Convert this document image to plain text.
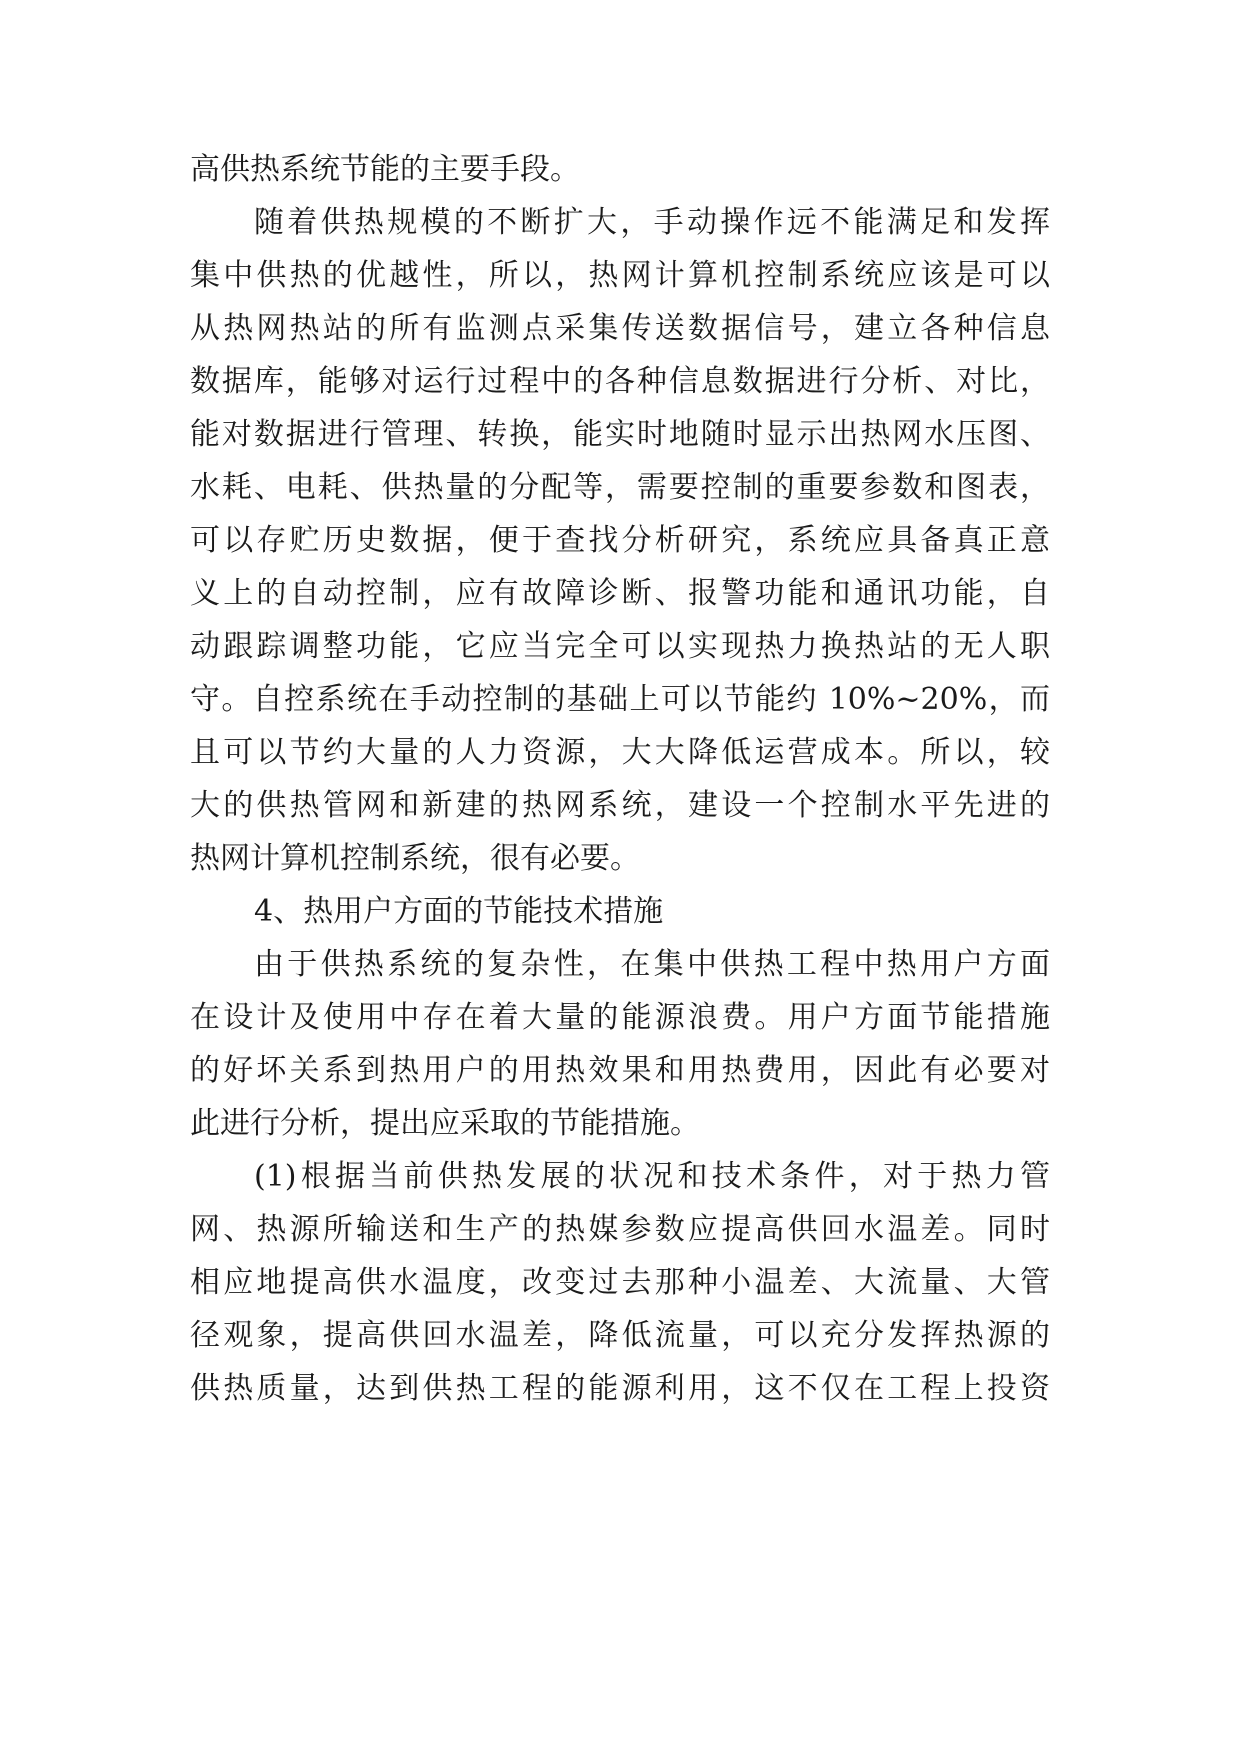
高供热系统节能的主要手段。
随着供热规模的不断扩大，手动操作远不能满足和发挥
集中供热的优越性，所以，热网计算机控制系统应该是可以
从热网热站的所有监测点采集传送数据信号，建立各种信息
数据库，能够对运行过程中的各种信息数据进行分析、对比，
能对数据进行管理、转换，能实时地随时显示出热网水压图、
水耗、电耗、供热量的分配等，需要控制的重要参数和图表，
可以存贮历史数据，便于查找分析研究，系统应具备真正意
义上的自动控制，应有故障诊断、报警功能和通讯功能，自
动跟踪调整功能，它应当完全可以实现热力换热站的无人职
守。自控系统在手动控制的基础上可以节能约 10%~20%，而
且可以节约大量的人力资源，大大降低运营成本。所以，较
大的供热管网和新建的热网系统，建设一个控制水平先进的
热网计算机控制系统，很有必要。
4、热用户方面的节能技术措施
由于供热系统的复杂性，在集中供热工程中热用户方面
在设计及使用中存在着大量的能源浪费。用户方面节能措施
的好坏关系到热用户的用热效果和用热费用，因此有必要对
此进行分析，提出应采取的节能措施。
(1)根据当前供热发展的状况和技术条件，对于热力管
网、热源所输送和生产的热媒参数应提高供回水温差。同时
相应地提高供水温度，改变过去那种小温差、大流量、大管
径观象，提高供回水温差，降低流量，可以充分发挥热源的
供热质量，达到供热工程的能源利用，这不仅在工程上投资
